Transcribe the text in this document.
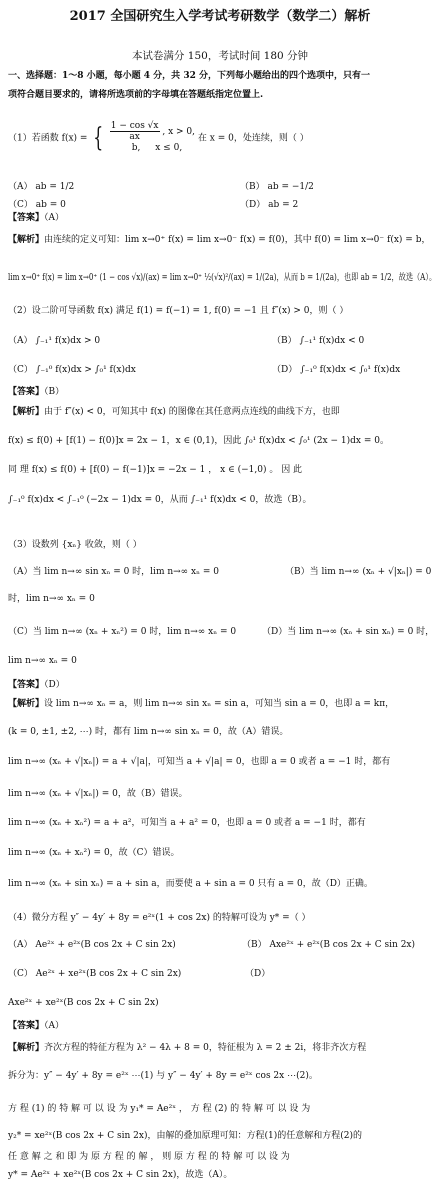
2017 全国研究生入学考试考研数学（数学二）解析
本试卷满分 150，考试时间 180 分钟
一、选择题：1～8 小题，每小题 4 分，共 32 分，下列每小题给出的四个选项中，只有一
项符合题目要求的，请将所选项前的字母填在答题纸指定位置上.
（1）若函数 f(x) = { $\frac{1 - \cos √x}{ax}$ , x > 0,
b, x ≤ 0,
在 x = 0，处连续，则（ ）
（A） ab = 1/2	（B） ab = −1/2
（C） ab = 0	（D） ab = 2
【答案】（A）
【解析】由连续的定义可知：lim x→0⁺ f(x) = lim x→0⁻ f(x) = f(0)，其中 f(0) = lim x→0⁻ f(x) = b，
lim x→0⁺ f(x) = lim x→0⁺ (1 − cos √x)/(ax) = lim x→0⁺ ½(√x)²/(ax) = 1/(2a)，从而 b = 1/(2a)，也即 ab = 1/2，故选（A）。
（2）设二阶可导函数 f(x) 满足 f(1) = f(−1) = 1, f(0) = −1 且 f″(x) > 0，则（ ）
（A） ∫₋₁¹ f(x)dx > 0	（B） ∫₋₁¹ f(x)dx < 0
（C） ∫₋₁⁰ f(x)dx > ∫₀¹ f(x)dx	（D） ∫₋₁⁰ f(x)dx < ∫₀¹ f(x)dx
【答案】（B）
【解析】由于 f″(x) < 0，可知其中 f(x) 的图像在其任意两点连线的曲线下方，也即
f(x) ≤ f(0) + [f(1) − f(0)]x = 2x − 1，x ∈ (0,1)，因此 ∫₀¹ f(x)dx < ∫₀¹ (2x − 1)dx = 0。
同 理 f(x) ≤ f(0) + [f(0) − f(−1)]x = −2x − 1 ， x ∈ (−1,0) 。 因 此
∫₋₁⁰ f(x)dx < ∫₋₁⁰ (−2x − 1)dx = 0，从而 ∫₋₁¹ f(x)dx < 0，故选（B）。
（3）设数列 {xₙ} 收敛，则（ ）
（A）当 lim n→∞ sin xₙ = 0 时，lim n→∞ xₙ = 0	（B）当 lim n→∞ (xₙ + √|xₙ|) = 0
时，lim n→∞ xₙ = 0
（C）当 lim n→∞ (xₙ + xₙ²) = 0 时，lim n→∞ xₙ = 0	（D）当 lim n→∞ (xₙ + sin xₙ) = 0 时，
lim n→∞ xₙ = 0
【答案】（D）
【解析】设 lim n→∞ xₙ = a，则 lim n→∞ sin xₙ = sin a，可知当 sin a = 0，也即 a = kπ，
(k = 0, ±1, ±2, ⋯) 时，都有 lim n→∞ sin xₙ = 0，故（A）错误。
lim n→∞ (xₙ + √|xₙ|) = a + √|a|，可知当 a + √|a| = 0，也即 a = 0 或者 a = −1 时，都有
lim n→∞ (xₙ + √|xₙ|) = 0，故（B）错误。
lim n→∞ (xₙ + xₙ²) = a + a²，可知当 a + a² = 0，也即 a = 0 或者 a = −1 时，都有
lim n→∞ (xₙ + xₙ²) = 0，故（C）错误。
lim n→∞ (xₙ + sin xₙ) = a + sin a，而要使 a + sin a = 0 只有 a = 0，故（D）正确。
（4）微分方程 y″ − 4y′ + 8y = e²ˣ(1 + cos 2x) 的特解可设为 y* =（ ）
（A） Ae²ˣ + e²ˣ(B cos 2x + C sin 2x)	（B） Axe²ˣ + e²ˣ(B cos 2x + C sin 2x)
（C） Ae²ˣ + xe²ˣ(B cos 2x + C sin 2x)	（D）
Axe²ˣ + xe²ˣ(B cos 2x + C sin 2x)
【答案】（A）
【解析】齐次方程的特征方程为 λ² − 4λ + 8 = 0，特征根为 λ = 2 ± 2i，将非齐次方程
拆分为：y″ − 4y′ + 8y = e²ˣ ⋯(1) 与 y″ − 4y′ + 8y = e²ˣ cos 2x ⋯(2)。
方 程 (1) 的 特 解 可 以 设 为 y₁* = Ae²ˣ ， 方 程 (2) 的 特 解 可 以 设 为
y₂* = xe²ˣ(B cos 2x + C sin 2x)，由解的叠加原理可知：方程(1)的任意解和方程(2)的
任 意 解 之 和 即 为 原 方 程 的 解 ， 则 原 方 程 的 特 解 可 以 设 为
y* = Ae²ˣ + xe²ˣ(B cos 2x + C sin 2x)，故选（A）。
